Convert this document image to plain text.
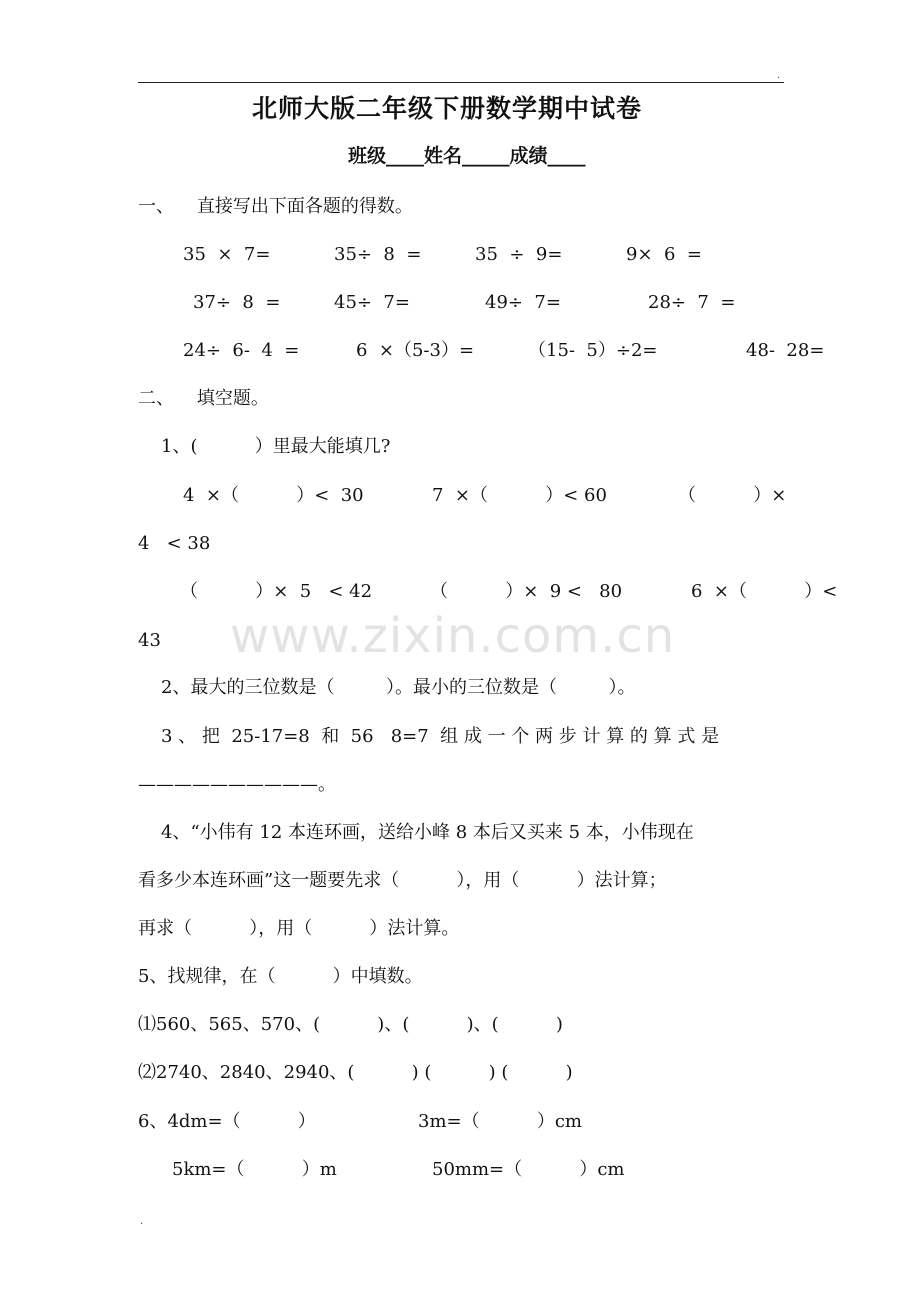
.
北师大版二年级下册数学期中试卷
班级____姓名_____成绩____
www.zixin.com.cn
一、    直接写出下面各题的得数。
35  ×  7=	35÷  8  =	35  ÷  9=	9×  6  =
37÷  8  =	45÷  7=	49÷  7=	28÷  7  =
24÷  6-  4  =	6  ×（5-3）=	（15-  5）÷2=	48-  28=
二、    填空题。
1、(          ）里最大能填几?
4  ×（          ）<  30	7  ×（          ）< 60	（          ）×
4   < 38
（          ）×  5   < 42	（          ）×  9 <   80	6  ×（          ）<
43
2、最大的三位数是（         ）。最小的三位数是（         ）。
3 、 把  25-17=8  和  56   8=7  组 成 一 个 两 步 计 算 的 算 式 是
——————————。
4、“小伟有 12 本连环画，送给小峰 8 本后又买来 5 本，小伟现在
看多少本连环画”这一题要先求（          ），用（          ）法计算；
再求（          ），用（          ）法计算。
5、找规律，在（          ）中填数。
⑴560、565、570、(          )、(          )、(          )
⑵2740、2840、2940、(          ) (          ) (          )
6、4dm=（          ）	3m=（          ）cm
5km=（          ）m	50mm=（          ）cm
.
